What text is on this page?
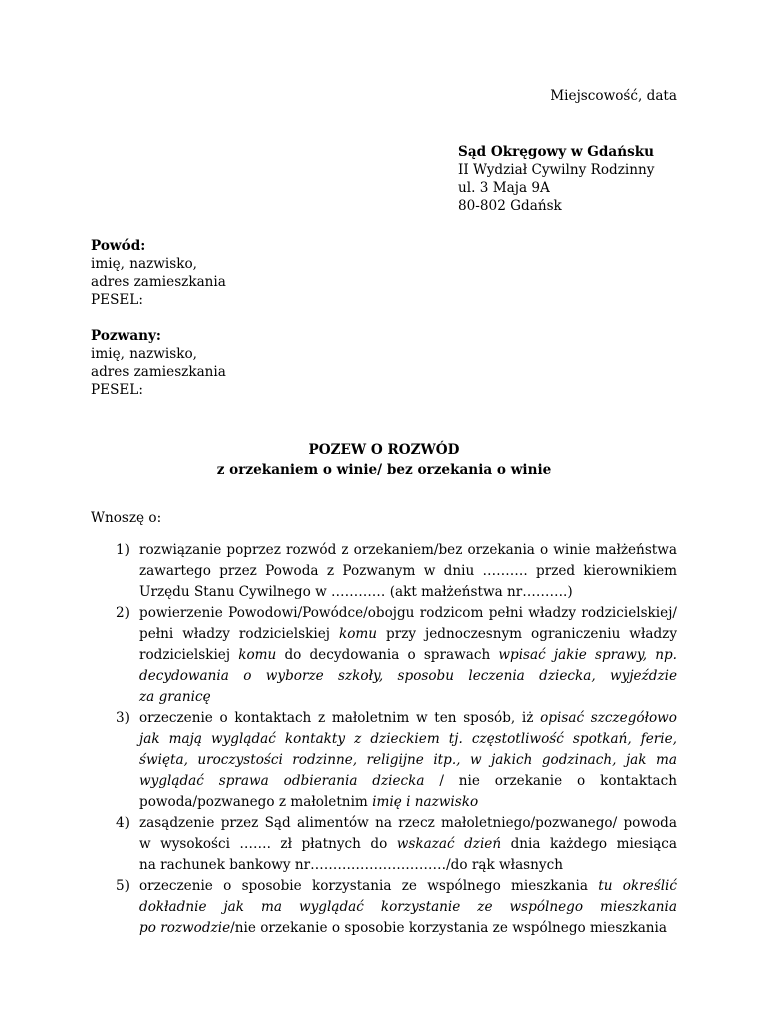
Miejscowość, data
Sąd Okręgowy w Gdańsku
II Wydział Cywilny Rodzinny
ul. 3 Maja 9A
80-802 Gdańsk
Powód:
imię, nazwisko,
adres zamieszkania
PESEL:
Pozwany:
imię, nazwisko,
adres zamieszkania
PESEL:
POZEW O ROZWÓD
z orzekaniem o winie/ bez orzekania o winie
Wnoszę o:
1) rozwiązanie poprzez rozwód z orzekaniem/bez orzekania o winie małżeństwa
zawartego przez Powoda z Pozwanym w dniu ………. przed kierownikiem
Urzędu Stanu Cywilnego w ………… (akt małżeństwa nr……….)
2) powierzenie Powodowi/Powódce/obojgu rodzicom pełni władzy rodzicielskiej/
pełni władzy rodzicielskiej komu przy jednoczesnym ograniczeniu władzy
rodzicielskiej komu do decydowania o sprawach wpisać jakie sprawy, np.
decydowania o wyborze szkoły, sposobu leczenia dziecka, wyjeździe
za granicę
3) orzeczenie o kontaktach z małoletnim w ten sposób, iż opisać szczegółowo
jak mają wyglądać kontakty z dzieckiem tj. częstotliwość spotkań, ferie,
święta, uroczystości rodzinne, religijne itp., w jakich godzinach, jak ma
wyglądać sprawa odbierania dziecka / nie orzekanie o kontaktach
powoda/pozwanego z małoletnim imię i nazwisko
4) zasądzenie przez Sąd alimentów na rzecz małoletniego/pozwanego/ powoda
w wysokości ……. zł płatnych do wskazać dzień dnia każdego miesiąca
na rachunek bankowy nr…………………………/do rąk własnych
5) orzeczenie o sposobie korzystania ze wspólnego mieszkania tu określić
dokładnie jak ma wyglądać korzystanie ze wspólnego mieszkania
po rozwodzie/nie orzekanie o sposobie korzystania ze wspólnego mieszkania
